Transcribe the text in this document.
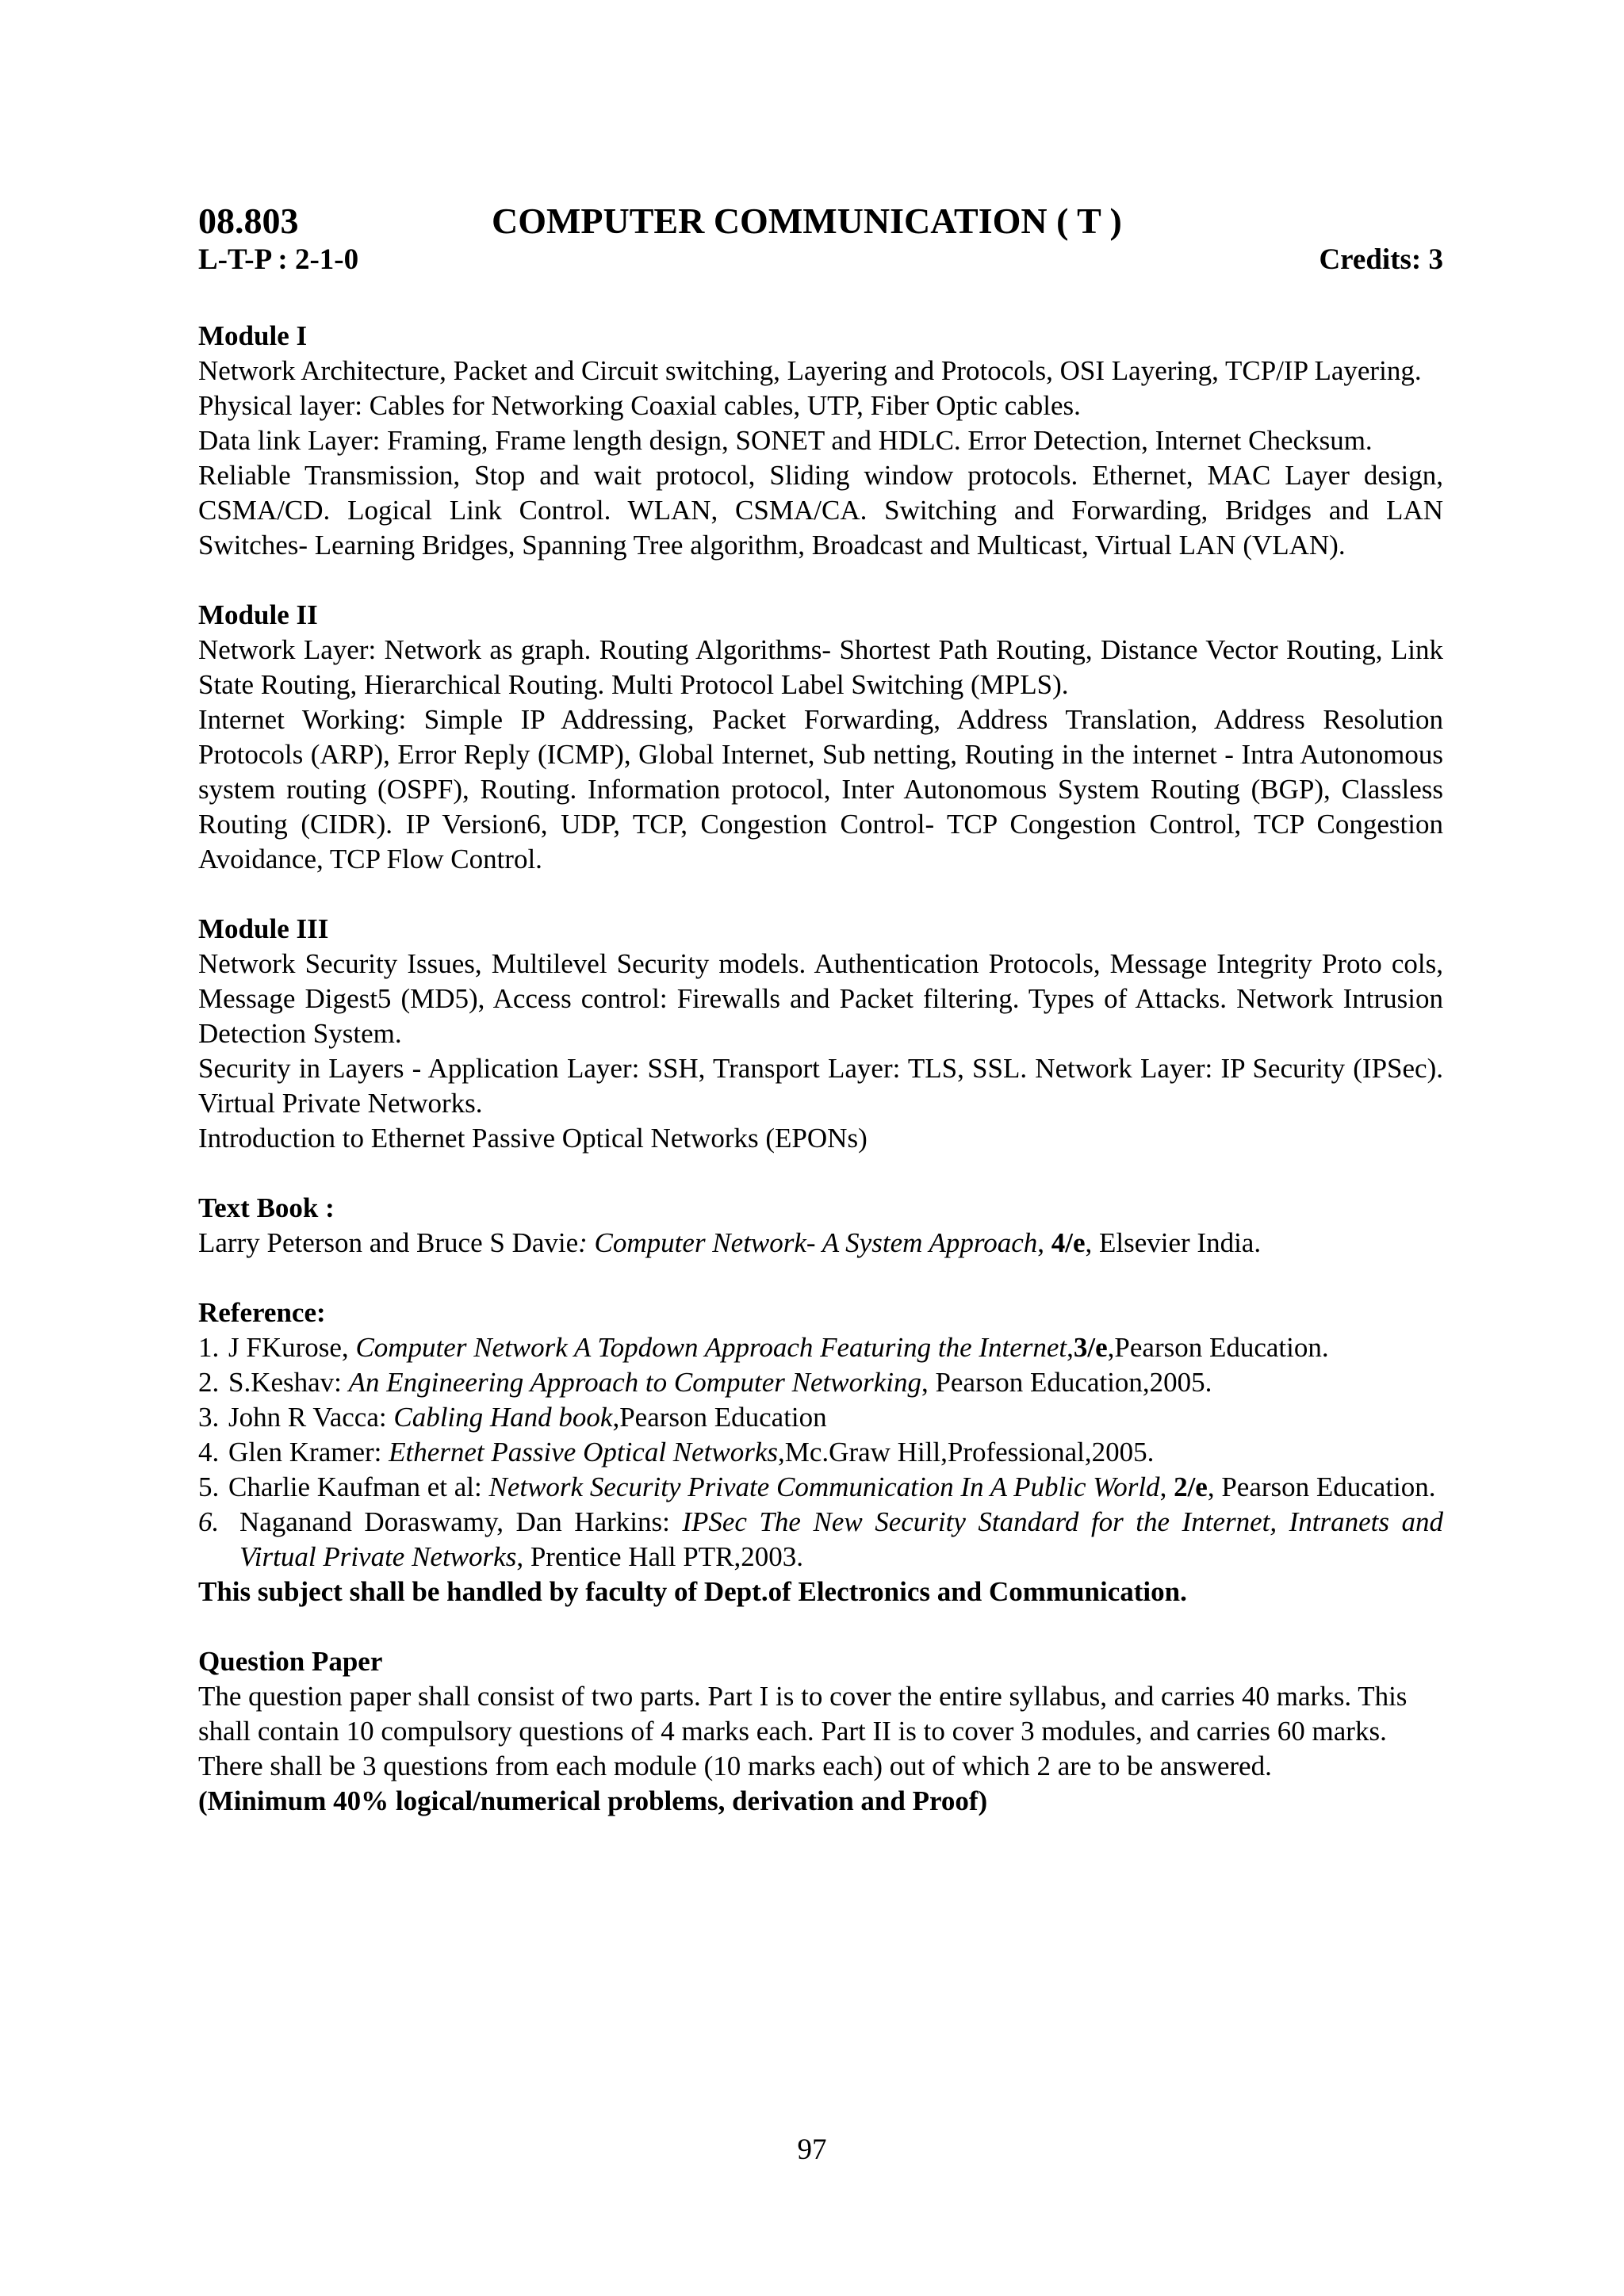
08.803	COMPUTER COMMUNICATION ( T )
L-T-P : 2-1-0	Credits: 3
Module I

Network Architecture, Packet and Circuit switching, Layering and Protocols, OSI Layering, TCP/IP Layering.

Physical layer: Cables for Networking Coaxial cables, UTP, Fiber Optic cables.

Data link Layer: Framing, Frame length design, SONET and HDLC. Error Detection, Internet Checksum.

Reliable Transmission, Stop and wait protocol, Sliding window protocols. Ethernet, MAC Layer design, CSMA/CD. Logical Link Control. WLAN, CSMA/CA. Switching and Forwarding, Bridges and LAN Switches- Learning Bridges, Spanning Tree algorithm, Broadcast and Multicast, Virtual LAN (VLAN).

Module II

Network Layer: Network as graph. Routing Algorithms- Shortest Path Routing, Distance Vector Routing, Link State Routing, Hierarchical Routing. Multi Protocol Label Switching (MPLS).

Internet Working: Simple IP Addressing, Packet Forwarding, Address Translation, Address Resolution Protocols (ARP), Error Reply (ICMP), Global Internet, Sub netting, Routing in the internet - Intra Autonomous system routing (OSPF), Routing. Information protocol, Inter Autonomous System Routing (BGP), Classless Routing (CIDR). IP Version6, UDP, TCP, Congestion Control- TCP Congestion Control, TCP Congestion Avoidance, TCP Flow Control.

Module III

Network Security Issues, Multilevel Security models. Authentication Protocols, Message Integrity Proto cols, Message Digest5 (MD5), Access control: Firewalls and Packet filtering. Types of Attacks. Network Intrusion Detection System.

Security in Layers - Application Layer: SSH, Transport Layer: TLS, SSL. Network Layer: IP Security (IPSec). Virtual Private Networks.

Introduction to Ethernet Passive Optical Networks (EPONs)

Text Book :

Larry Peterson and Bruce S Davie: Computer Network- A System Approach, 4/e, Elsevier India.

Reference:
1. J FKurose, Computer Network A Topdown Approach Featuring the Internet,3/e,Pearson Education.
2. S.Keshav: An Engineering Approach to Computer Networking, Pearson Education,2005.
3. John R Vacca: Cabling Hand book,Pearson Education
4. Glen Kramer: Ethernet Passive Optical Networks,Mc.Graw Hill,Professional,2005.
5. Charlie Kaufman et al: Network Security Private Communication In A Public World, 2/e, Pearson Education.
6. Naganand Doraswamy, Dan Harkins: IPSec The New Security Standard for the Internet, Intranets and Virtual Private Networks, Prentice Hall PTR,2003.

This subject shall be handled by faculty of Dept.of Electronics and Communication.

Question Paper

The question paper shall consist of two parts. Part I is to cover the entire syllabus, and carries 40 marks. This shall contain 10 compulsory questions of 4 marks each. Part II is to cover 3 modules, and carries 60 marks. There shall be 3 questions from each module (10 marks each) out of which 2 are to be answered.

(Minimum 40% logical/numerical problems, derivation and Proof)

97
